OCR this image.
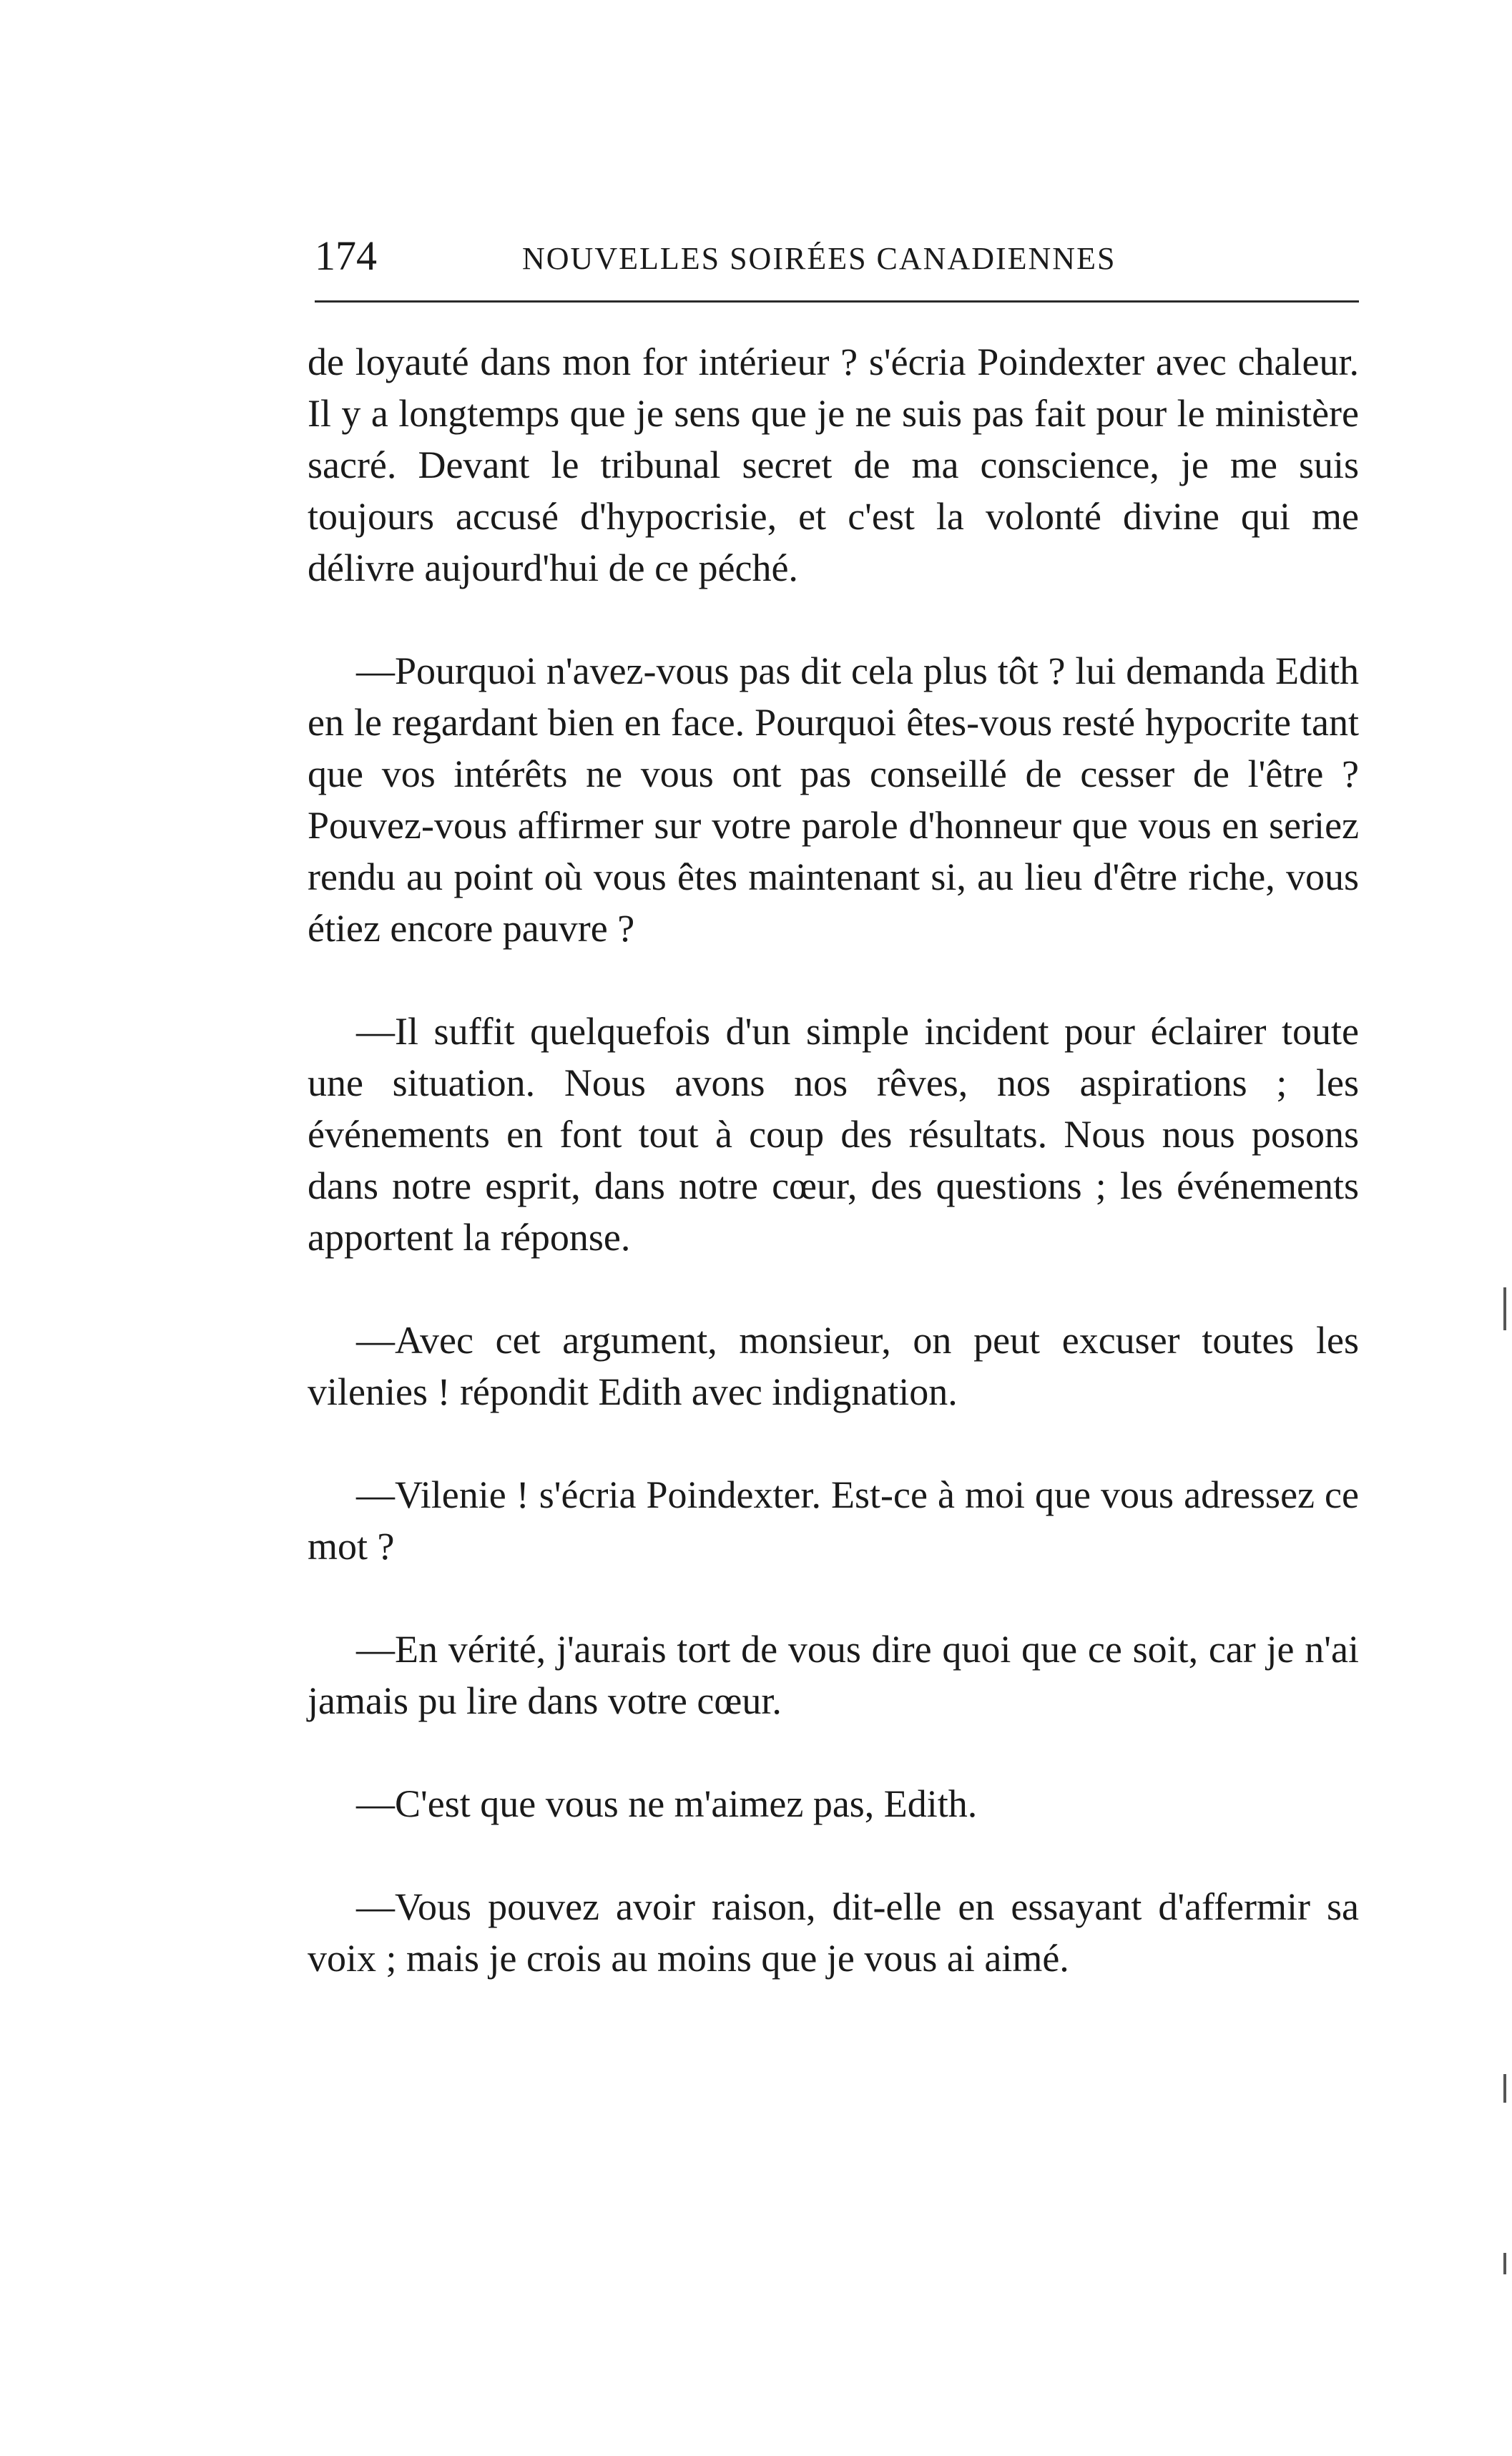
174	NOUVELLES SOIRÉES CANADIENNES

de loyauté dans mon for intérieur ? s'écria Poindexter avec chaleur. Il y a longtemps que je sens que je ne suis pas fait pour le ministère sacré. Devant le tribunal secret de ma conscience, je me suis toujours accusé d'hypocrisie, et c'est la volonté divine qui me délivre aujourd'hui de ce péché.

—Pourquoi n'avez-vous pas dit cela plus tôt ? lui demanda Edith en le regardant bien en face. Pourquoi êtes-vous resté hypocrite tant que vos intérêts ne vous ont pas conseillé de cesser de l'être ? Pouvez-vous affirmer sur votre parole d'honneur que vous en seriez rendu au point où vous êtes maintenant si, au lieu d'être riche, vous étiez encore pauvre ?

—Il suffit quelquefois d'un simple incident pour éclairer toute une situation. Nous avons nos rêves, nos aspirations ; les événements en font tout à coup des résultats. Nous nous posons dans notre esprit, dans notre cœur, des questions ; les événements apportent la réponse.

—Avec cet argument, monsieur, on peut excuser toutes les vilenies ! répondit Edith avec indignation.

—Vilenie ! s'écria Poindexter. Est-ce à moi que vous adressez ce mot ?

—En vérité, j'aurais tort de vous dire quoi que ce soit, car je n'ai jamais pu lire dans votre cœur.

—C'est que vous ne m'aimez pas, Edith.

—Vous pouvez avoir raison, dit-elle en essayant d'affermir sa voix ; mais je crois au moins que je vous ai aimé.
